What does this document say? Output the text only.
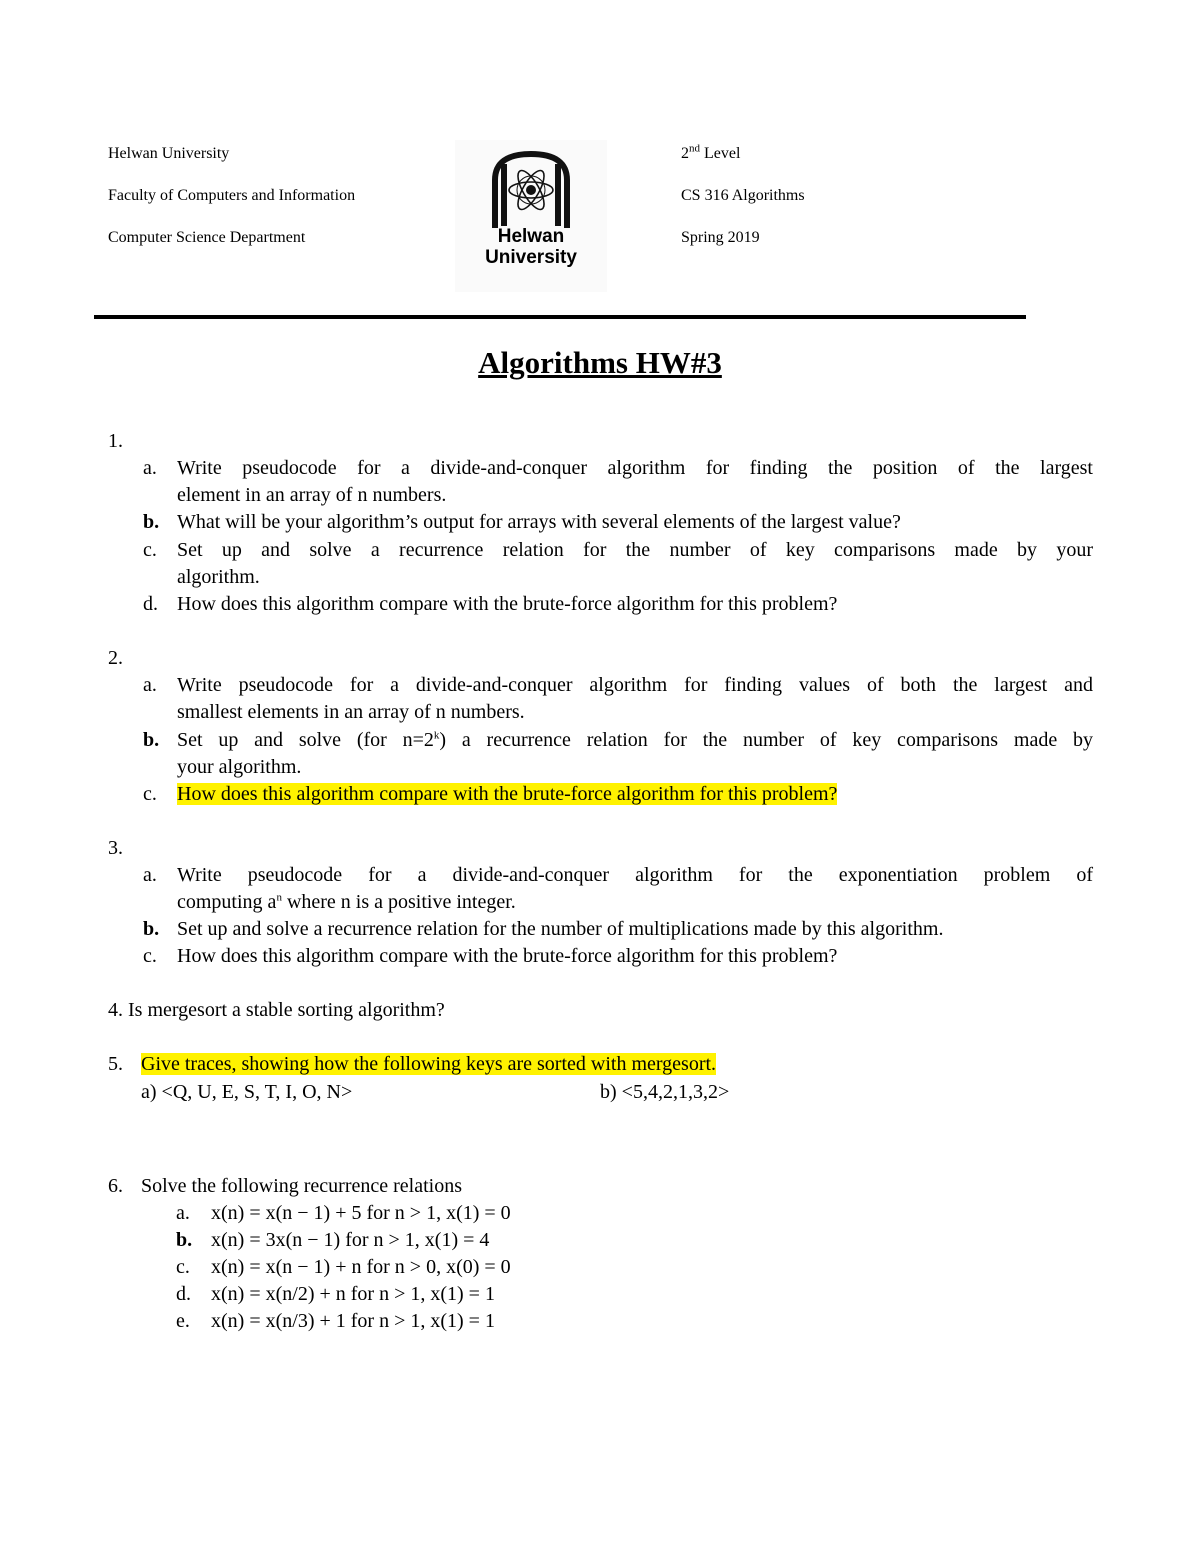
Helwan University
Faculty of Computers and Information
Computer Science Department	Helwan
University
2nd Level
CS 316 Algorithms
Spring 2019
Algorithms HW#3
1.
a. Write pseudocode for a divide-and-conquer algorithm for finding the position of the largest
element in an array of n numbers.
b. What will be your algorithm’s output for arrays with several elements of the largest value?
c. Set up and solve a recurrence relation for the number of key comparisons made by your
algorithm.
d. How does this algorithm compare with the brute-force algorithm for this problem?
2.
a. Write pseudocode for a divide-and-conquer algorithm for finding values of both the largest and
smallest elements in an array of n numbers.
b. Set up and solve (for $n=2^k$) a recurrence relation for the number of key comparisons made by
your algorithm.
c. How does this algorithm compare with the brute-force algorithm for this problem?
3.
a. Write pseudocode for a divide-and-conquer algorithm for the exponentiation problem of
computing $a^n$ where n is a positive integer.
b. Set up and solve a recurrence relation for the number of multiplications made by this algorithm.
c. How does this algorithm compare with the brute-force algorithm for this problem?
4. Is mergesort a stable sorting algorithm?
5. Give traces, showing how the following keys are sorted with mergesort.
a) <Q, U, E, S, T, I, O, N>	b) <5,4,2,1,3,2>
6. Solve the following recurrence relations
a. x(n) = x(n − 1) + 5 for n > 1, x(1) = 0
b. x(n) = 3x(n − 1) for n > 1, x(1) = 4
c. x(n) = x(n − 1) + n for n > 0, x(0) = 0
d. x(n) = x(n/2) + n for n > 1, x(1) = 1
e. x(n) = x(n/3) + 1 for n > 1, x(1) = 1
